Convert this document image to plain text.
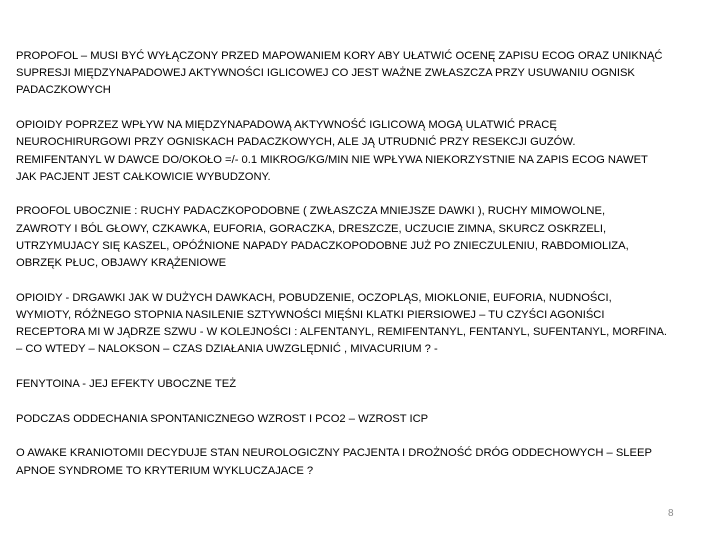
PROPOFOL – MUSI BYĆ WYŁĄCZONY PRZED MAPOWANIEM KORY ABY UŁATWIĆ OCENĘ ZAPISU ECOG ORAZ UNIKNĄĆ
SUPRESJI MIĘDZYNAPADOWEJ AKTYWNOŚCI IGLICOWEJ CO JEST WAŻNE ZWŁASZCZA PRZY USUWANIU OGNISK
PADACZKOWYCH

OPIOIDY POPRZEZ WPŁYW NA MIĘDZYNAPADOWĄ AKTYWNOŚĆ IGLICOWĄ MOGĄ ULATWIĆ PRACĘ
NEUROCHIRURGOWI PRZY OGNISKACH PADACZKOWYCH, ALE JĄ UTRUDNIĆ PRZY RESEKCJI GUZÓW.
REMIFENTANYL W DAWCE DO/OKOŁO =/- 0.1 MIKROG/KG/MIN NIE WPŁYWA NIEKORZYSTNIE NA ZAPIS ECOG NAWET
JAK PACJENT JEST CAŁKOWICIE WYBUDZONY.

PROOFOL UBOCZNIE : RUCHY PADACZKOPODOBNE ( ZWŁASZCZA MNIEJSZE DAWKI ), RUCHY MIMOWOLNE,
ZAWROTY I BÓL GŁOWY, CZKAWKA, EUFORIA, GORACZKA, DRESZCZE, UCZUCIE ZIMNA, SKURCZ OSKRZELI,
UTRZYMUJACY SIĘ KASZEL, OPÓŹNIONE NAPADY PADACZKOPODOBNE JUŻ PO ZNIECZULENIU, RABDOMIOLIZA,
OBRZĘK PŁUC, OBJAWY KRĄŻENIOWE

OPIOIDY - DRGAWKI JAK W DUŻYCH DAWKACH, POBUDZENIE, OCZOPLĄS, MIOKLONIE, EUFORIA, NUDNOŚCI,
WYMIOTY, RÓŻNEGO STOPNIA NASILENIE SZTYWNOŚCI MIĘŚNI KLATKI PIERSIOWEJ – TU CZYŚCI AGONIŚCI
RECEPTORA MI W JĄDRZE SZWU - W KOLEJNOŚCI : ALFENTANYL, REMIFENTANYL, FENTANYL, SUFENTANYL, MORFINA.
– CO WTEDY – NALOKSON – CZAS DZIAŁANIA UWZGLĘDNIĆ , MIVACURIUM ? -

FENYTOINA - JEJ EFEKTY UBOCZNE TEŻ

PODCZAS ODDECHANIA SPONTANICZNEGO WZROST I PCO2 – WZROST ICP

O AWAKE KRANIOTOMII DECYDUJE STAN NEUROLOGICZNY PACJENTA I DROŻNOŚĆ DRÓG ODDECHOWYCH – SLEEP
APNOE SYNDROME TO KRYTERIUM WYKLUCZAJACE ?

8
